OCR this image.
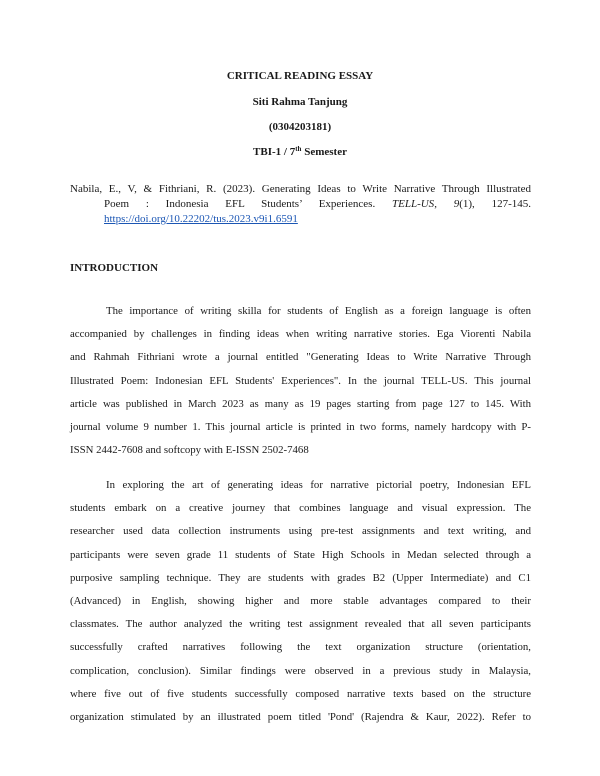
CRITICAL READING ESSAY
Siti Rahma Tanjung
(0304203181)
TBI-1 / 7th Semester
Nabila, E., V, & Fithriani, R. (2023). Generating Ideas to Write Narrative Through Illustrated
Poem : Indonesia EFL Students’ Experiences. TELL-US, 9(1), 127-145.
https://doi.org/10.22202/tus.2023.v9i1.6591
INTRODUCTION
The importance of writing skilla for students of English as a foreign language is often
accompanied by challenges in finding ideas when writing narrative stories. Ega Viorenti Nabila
and Rahmah Fithriani wrote a journal entitled "Generating Ideas to Write Narrative Through
Illustrated Poem: Indonesian EFL Students' Experiences". In the journal TELL-US. This journal
article was published in March 2023 as many as 19 pages starting from page 127 to 145. With
journal volume 9 number 1. This journal article is printed in two forms, namely hardcopy with P-
ISSN 2442-7608 and softcopy with E-ISSN 2502-7468
In exploring the art of generating ideas for narrative pictorial poetry, Indonesian EFL
students embark on a creative journey that combines language and visual expression. The
researcher used data collection instruments using pre-test assignments and text writing, and
participants were seven grade 11 students of State High Schools in Medan selected through a
purposive sampling technique. They are students with grades B2 (Upper Intermediate) and C1
(Advanced) in English, showing higher and more stable advantages compared to their
classmates. The author analyzed the writing test assignment revealed that all seven participants
successfully crafted narratives following the text organization structure (orientation,
complication, conclusion). Similar findings were observed in a previous study in Malaysia,
where five out of five students successfully composed narrative texts based on the structure
organization stimulated by an illustrated poem titled 'Pond' (Rajendra & Kaur, 2022). Refer to
